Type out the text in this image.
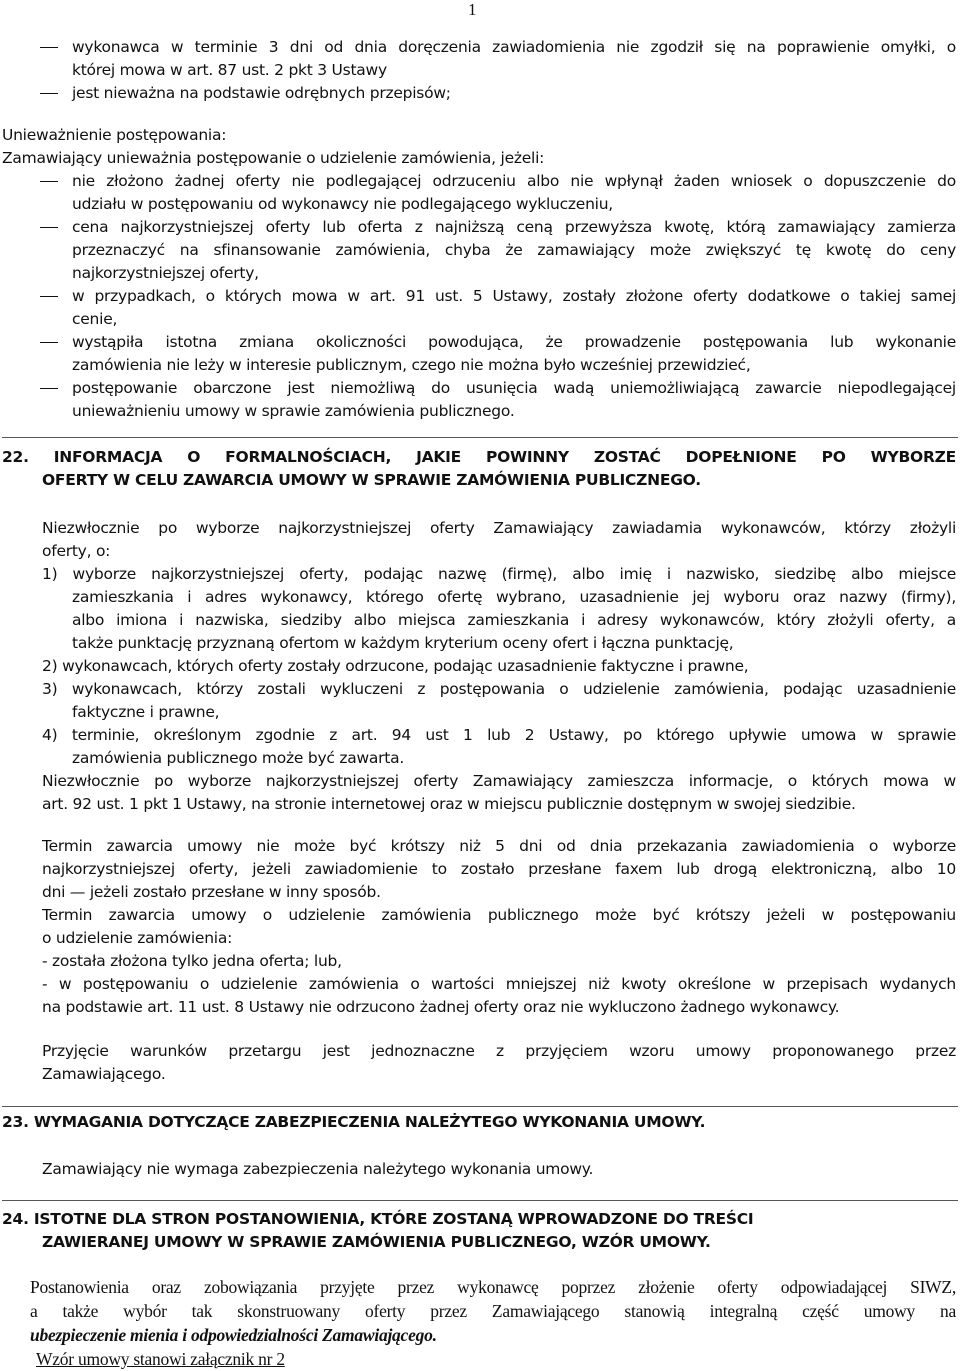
1
wykonawca w terminie 3 dni od dnia doręczenia zawiadomienia nie zgodził się na poprawienie omyłki, o
której mowa w art. 87 ust. 2 pkt 3 Ustawy
jest nieważna na podstawie odrębnych przepisów;
Unieważnienie postępowania:
Zamawiający unieważnia postępowanie o udzielenie zamówienia, jeżeli:
nie złożono żadnej oferty nie podlegającej odrzuceniu albo nie wpłynął żaden wniosek o dopuszczenie do
udziału w postępowaniu od wykonawcy nie podlegającego wykluczeniu,
cena najkorzystniejszej oferty lub oferta z najniższą ceną przewyższa kwotę, którą zamawiający zamierza
przeznaczyć na sfinansowanie zamówienia, chyba że zamawiający może zwiększyć tę kwotę do ceny
najkorzystniejszej oferty,
w przypadkach, o których mowa w art. 91 ust. 5 Ustawy, zostały złożone oferty dodatkowe o takiej samej
cenie,
wystąpiła istotna zmiana okoliczności powodująca, że prowadzenie postępowania lub wykonanie
zamówienia nie leży w interesie publicznym, czego nie można było wcześniej przewidzieć,
postępowanie obarczone jest niemożliwą do usunięcia wadą uniemożliwiającą zawarcie niepodlegającej
unieważnieniu umowy w sprawie zamówienia publicznego.
22. INFORMACJA O FORMALNOŚCIACH, JAKIE POWINNY ZOSTAĆ DOPEŁNIONE PO WYBORZE
OFERTY W CELU ZAWARCIA UMOWY W SPRAWIE ZAMÓWIENIA PUBLICZNEGO.
Niezwłocznie po wyborze najkorzystniejszej oferty Zamawiający zawiadamia wykonawców, którzy złożyli
oferty, o:
1) wyborze najkorzystniejszej oferty, podając nazwę (firmę), albo imię i nazwisko, siedzibę albo miejsce
zamieszkania i adres wykonawcy, którego ofertę wybrano, uzasadnienie jej wyboru oraz nazwy (firmy),
albo imiona i nazwiska, siedziby albo miejsca zamieszkania i adresy wykonawców, który złożyli oferty, a
także punktację przyznaną ofertom w każdym kryterium oceny ofert i łączna punktację,
2) wykonawcach, których oferty zostały odrzucone, podając uzasadnienie faktyczne i prawne,
3) wykonawcach, którzy zostali wykluczeni z postępowania o udzielenie zamówienia, podając uzasadnienie
faktyczne i prawne,
4) terminie, określonym zgodnie z art. 94 ust 1 lub 2 Ustawy, po którego upływie umowa w sprawie
zamówienia publicznego może być zawarta.
Niezwłocznie po wyborze najkorzystniejszej oferty Zamawiający zamieszcza informacje, o których mowa w
art. 92 ust. 1 pkt 1 Ustawy, na stronie internetowej oraz w miejscu publicznie dostępnym w swojej siedzibie.
Termin zawarcia umowy nie może być krótszy niż 5 dni od dnia przekazania zawiadomienia o wyborze
najkorzystniejszej oferty, jeżeli zawiadomienie to zostało przesłane faxem lub drogą elektroniczną, albo 10
dni — jeżeli zostało przesłane w inny sposób.
Termin zawarcia umowy o udzielenie zamówienia publicznego może być krótszy jeżeli w postępowaniu
o udzielenie zamówienia:
- została złożona tylko jedna oferta; lub,
- w postępowaniu o udzielenie zamówienia o wartości mniejszej niż kwoty określone w przepisach wydanych
na podstawie art. 11 ust. 8 Ustawy nie odrzucono żadnej oferty oraz nie wykluczono żadnego wykonawcy.
Przyjęcie warunków przetargu jest jednoznaczne z przyjęciem wzoru umowy proponowanego przez
Zamawiającego.
23. WYMAGANIA DOTYCZĄCE ZABEZPIECZENIA NALEŻYTEGO WYKONANIA UMOWY.
Zamawiający nie wymaga zabezpieczenia należytego wykonania umowy.
24. ISTOTNE DLA STRON POSTANOWIENIA, KTÓRE ZOSTANĄ WPROWADZONE DO TREŚCI
ZAWIERANEJ UMOWY W SPRAWIE ZAMÓWIENIA PUBLICZNEGO, WZÓR UMOWY.
Postanowienia oraz zobowiązania przyjęte przez wykonawcę poprzez złożenie oferty odpowiadającej SIWZ,
a także wybór tak skonstruowany oferty przez Zamawiającego stanowią integralną część umowy na
ubezpieczenie mienia i odpowiedzialności Zamawiającego.
Wzór umowy stanowi załącznik nr 2
